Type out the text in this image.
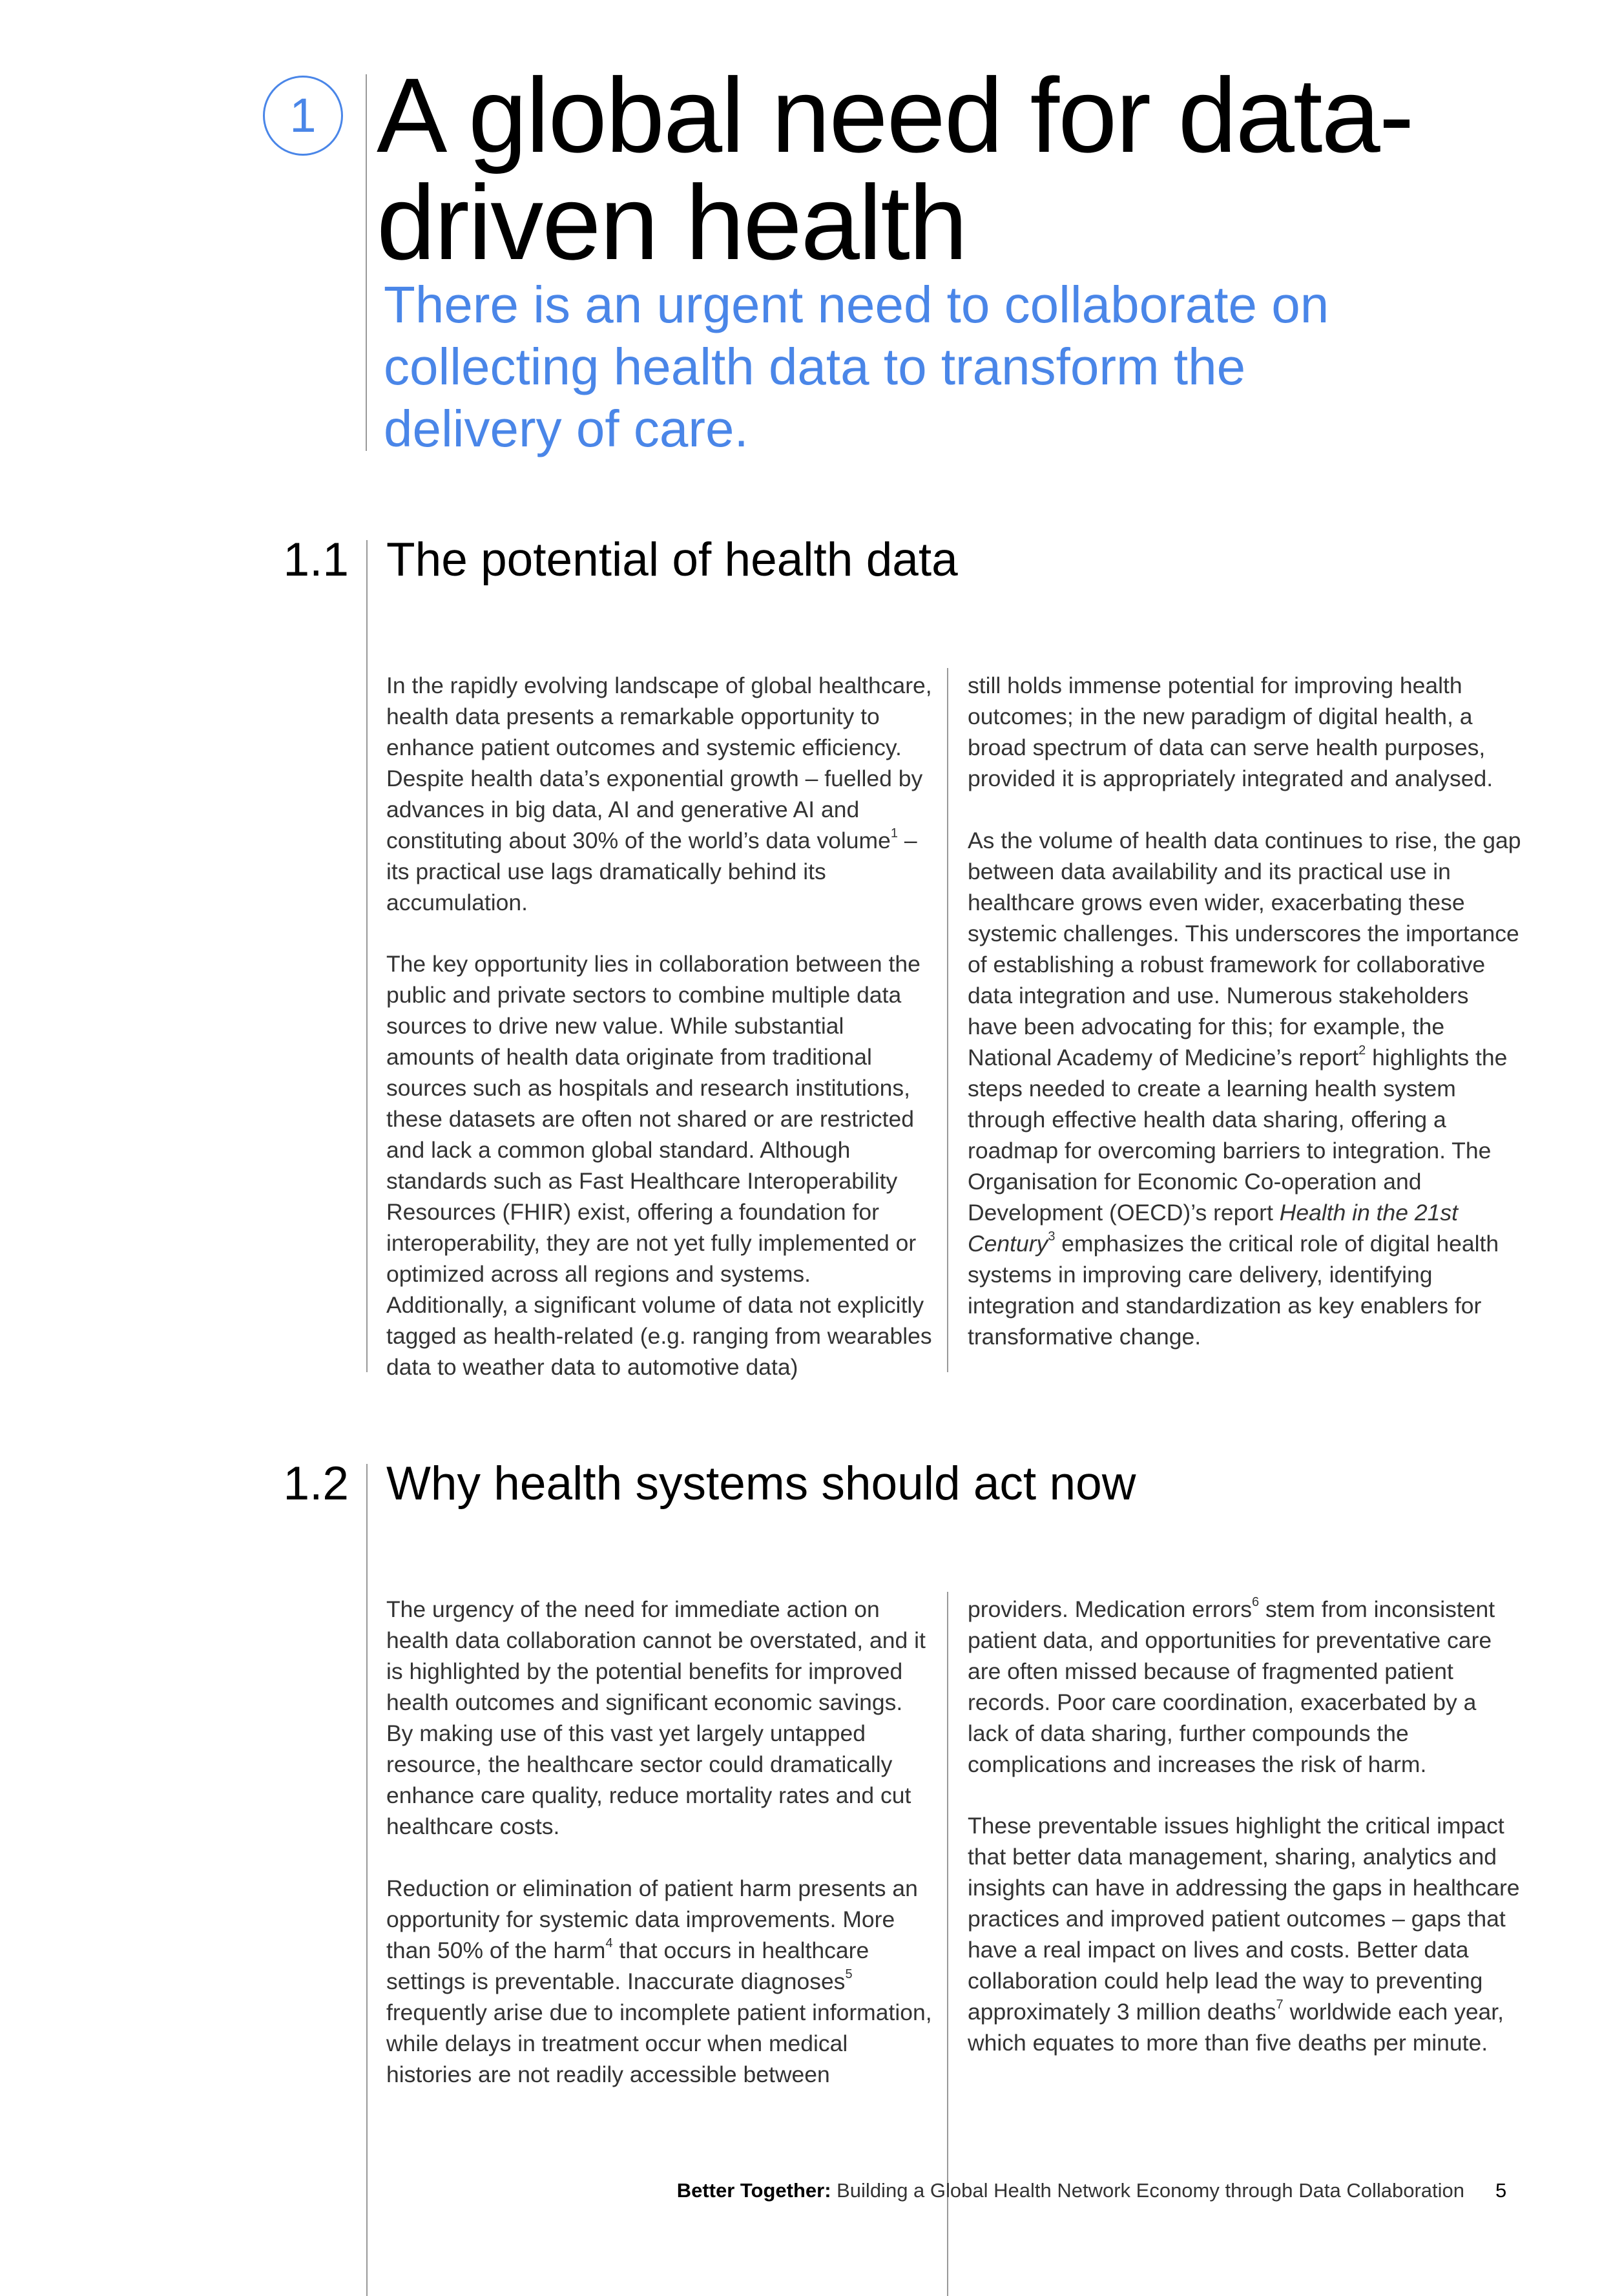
1 A global need for data-driven health

There is an urgent need to collaborate on collecting health data to transform the delivery of care.

1.1 The potential of health data

In the rapidly evolving landscape of global healthcare, health data presents a remarkable opportunity to enhance patient outcomes and systemic efficiency. Despite health data’s exponential growth – fuelled by advances in big data, AI and generative AI and constituting about 30% of the world’s data volume$^1$ – its practical use lags dramatically behind its accumulation.

The key opportunity lies in collaboration between the public and private sectors to combine multiple data sources to drive new value. While substantial amounts of health data originate from traditional sources such as hospitals and research institutions, these datasets are often not shared or are restricted and lack a common global standard. Although standards such as Fast Healthcare Interoperability Resources (FHIR) exist, offering a foundation for interoperability, they are not yet fully implemented or optimized across all regions and systems. Additionally, a significant volume of data not explicitly tagged as health-related (e.g. ranging from wearables data to weather data to automotive data)

still holds immense potential for improving health outcomes; in the new paradigm of digital health, a broad spectrum of data can serve health purposes, provided it is appropriately integrated and analysed.

As the volume of health data continues to rise, the gap between data availability and its practical use in healthcare grows even wider, exacerbating these systemic challenges. This underscores the importance of establishing a robust framework for collaborative data integration and use. Numerous stakeholders have been advocating for this; for example, the National Academy of Medicine’s report$^2$ highlights the steps needed to create a learning health system through effective health data sharing, offering a roadmap for overcoming barriers to integration. The Organisation for Economic Co-operation and Development (OECD)’s report Health in the 21st Century$^3$ emphasizes the critical role of digital health systems in improving care delivery, identifying integration and standardization as key enablers for transformative change.

1.2 Why health systems should act now

The urgency of the need for immediate action on health data collaboration cannot be overstated, and it is highlighted by the potential benefits for improved health outcomes and significant economic savings. By making use of this vast yet largely untapped resource, the healthcare sector could dramatically enhance care quality, reduce mortality rates and cut healthcare costs.

Reduction or elimination of patient harm presents an opportunity for systemic data improvements. More than 50% of the harm$^4$ that occurs in healthcare settings is preventable. Inaccurate diagnoses$^5$ frequently arise due to incomplete patient information, while delays in treatment occur when medical histories are not readily accessible between

providers. Medication errors$^6$ stem from inconsistent patient data, and opportunities for preventative care are often missed because of fragmented patient records. Poor care coordination, exacerbated by a lack of data sharing, further compounds the complications and increases the risk of harm.

These preventable issues highlight the critical impact that better data management, sharing, analytics and insights can have in addressing the gaps in healthcare practices and improved patient outcomes – gaps that have a real impact on lives and costs. Better data collaboration could help lead the way to preventing approximately 3 million deaths$^7$ worldwide each year, which equates to more than five deaths per minute.

Better Together: Building a Global Health Network Economy through Data Collaboration 5
